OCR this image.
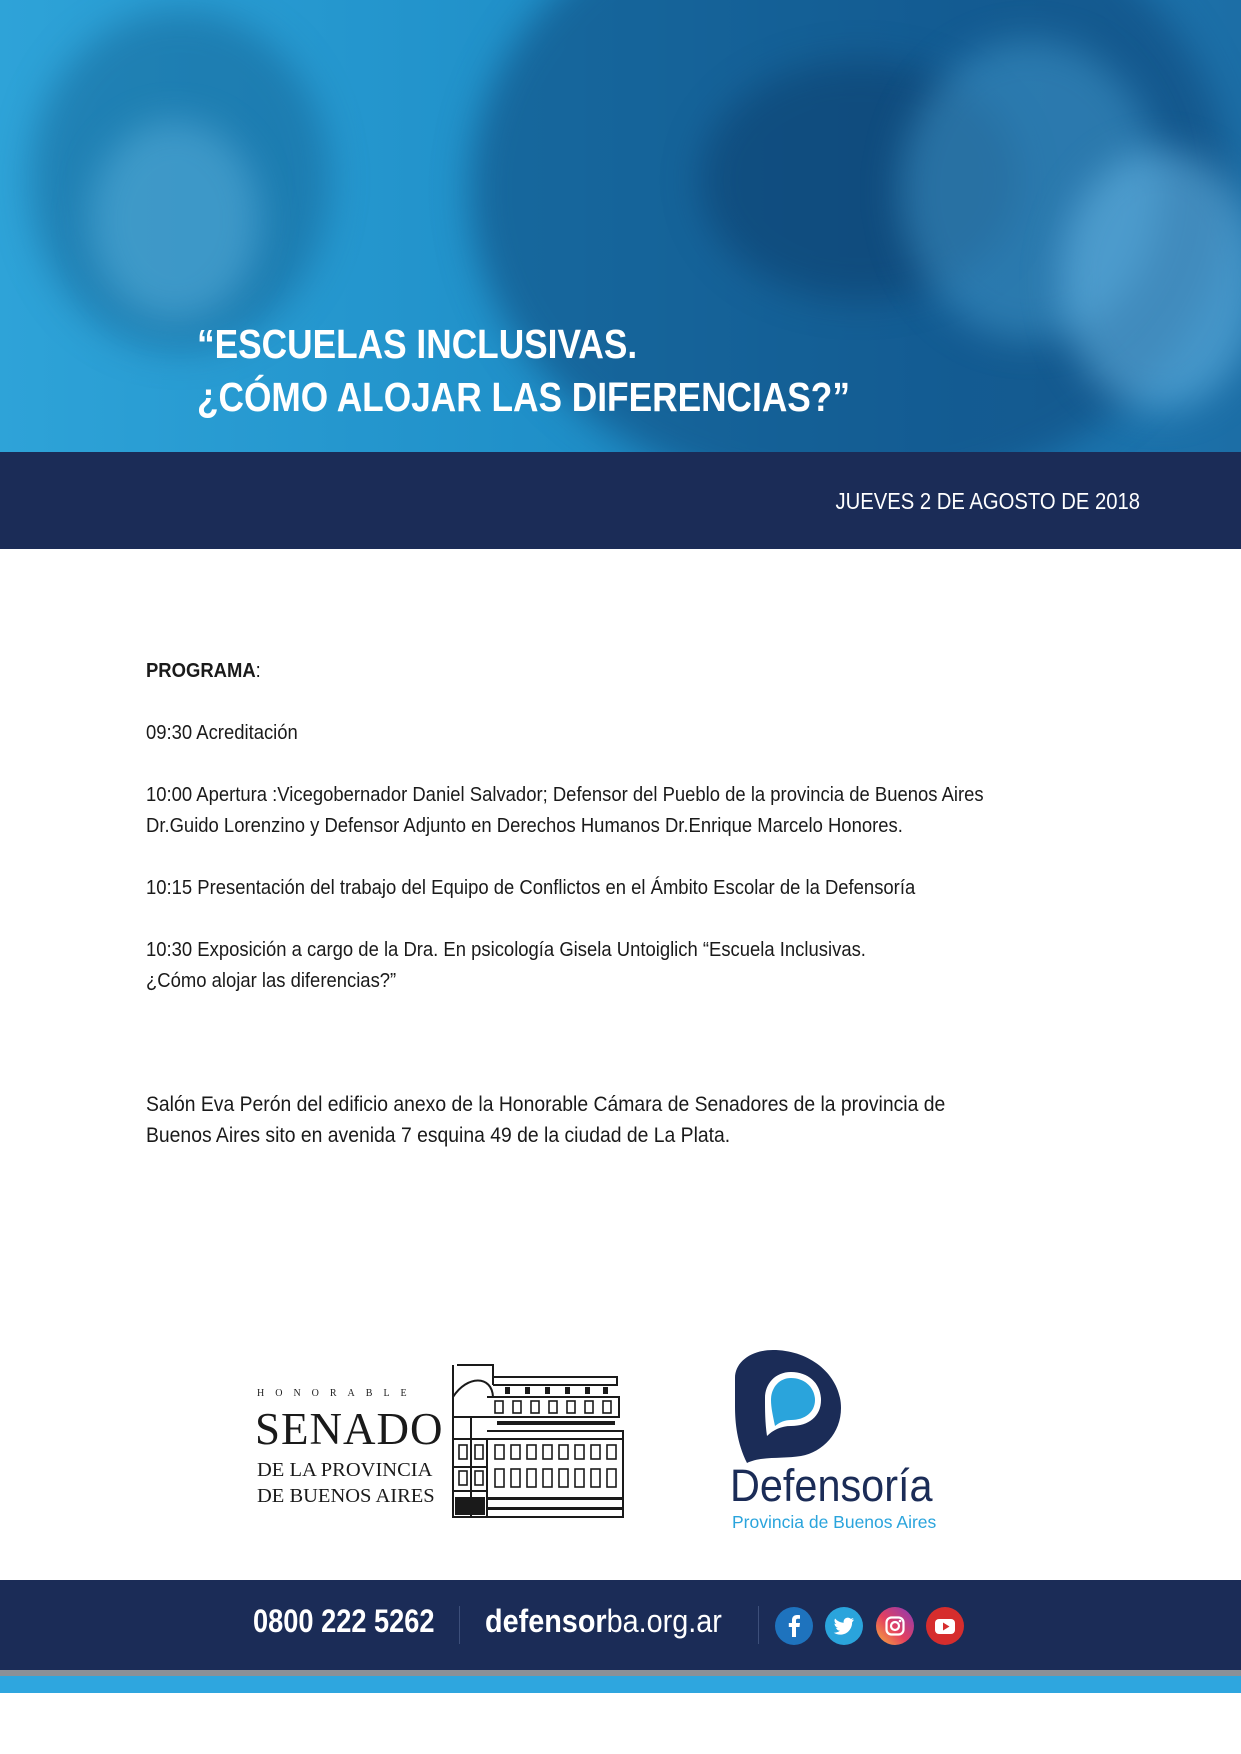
“ESCUELAS INCLUSIVAS.
¿CÓMO ALOJAR LAS DIFERENCIAS?”
JUEVES 2 DE AGOSTO DE 2018
PROGRAMA:
09:30 Acreditación
10:00 Apertura :Vicegobernador Daniel Salvador; Defensor del Pueblo de la provincia de Buenos Aires
Dr.Guido Lorenzino y Defensor Adjunto en Derechos Humanos Dr.Enrique Marcelo Honores.
10:15 Presentación del trabajo del Equipo de Conflictos en el Ámbito Escolar de la Defensoría
10:30 Exposición a cargo de la Dra. En psicología Gisela Untoiglich “Escuela Inclusivas.
¿Cómo alojar las diferencias?”
Salón Eva Perón del edificio anexo de la Honorable Cámara de Senadores de la provincia de
Buenos Aires sito en avenida 7 esquina 49 de la ciudad de La Plata.
HONORABLE
SENADO
DE LA PROVINCIA
DE BUENOS AIRES	Defensoría
Provincia de Buenos Aires
0800 222 5262 defensorba.org.ar
